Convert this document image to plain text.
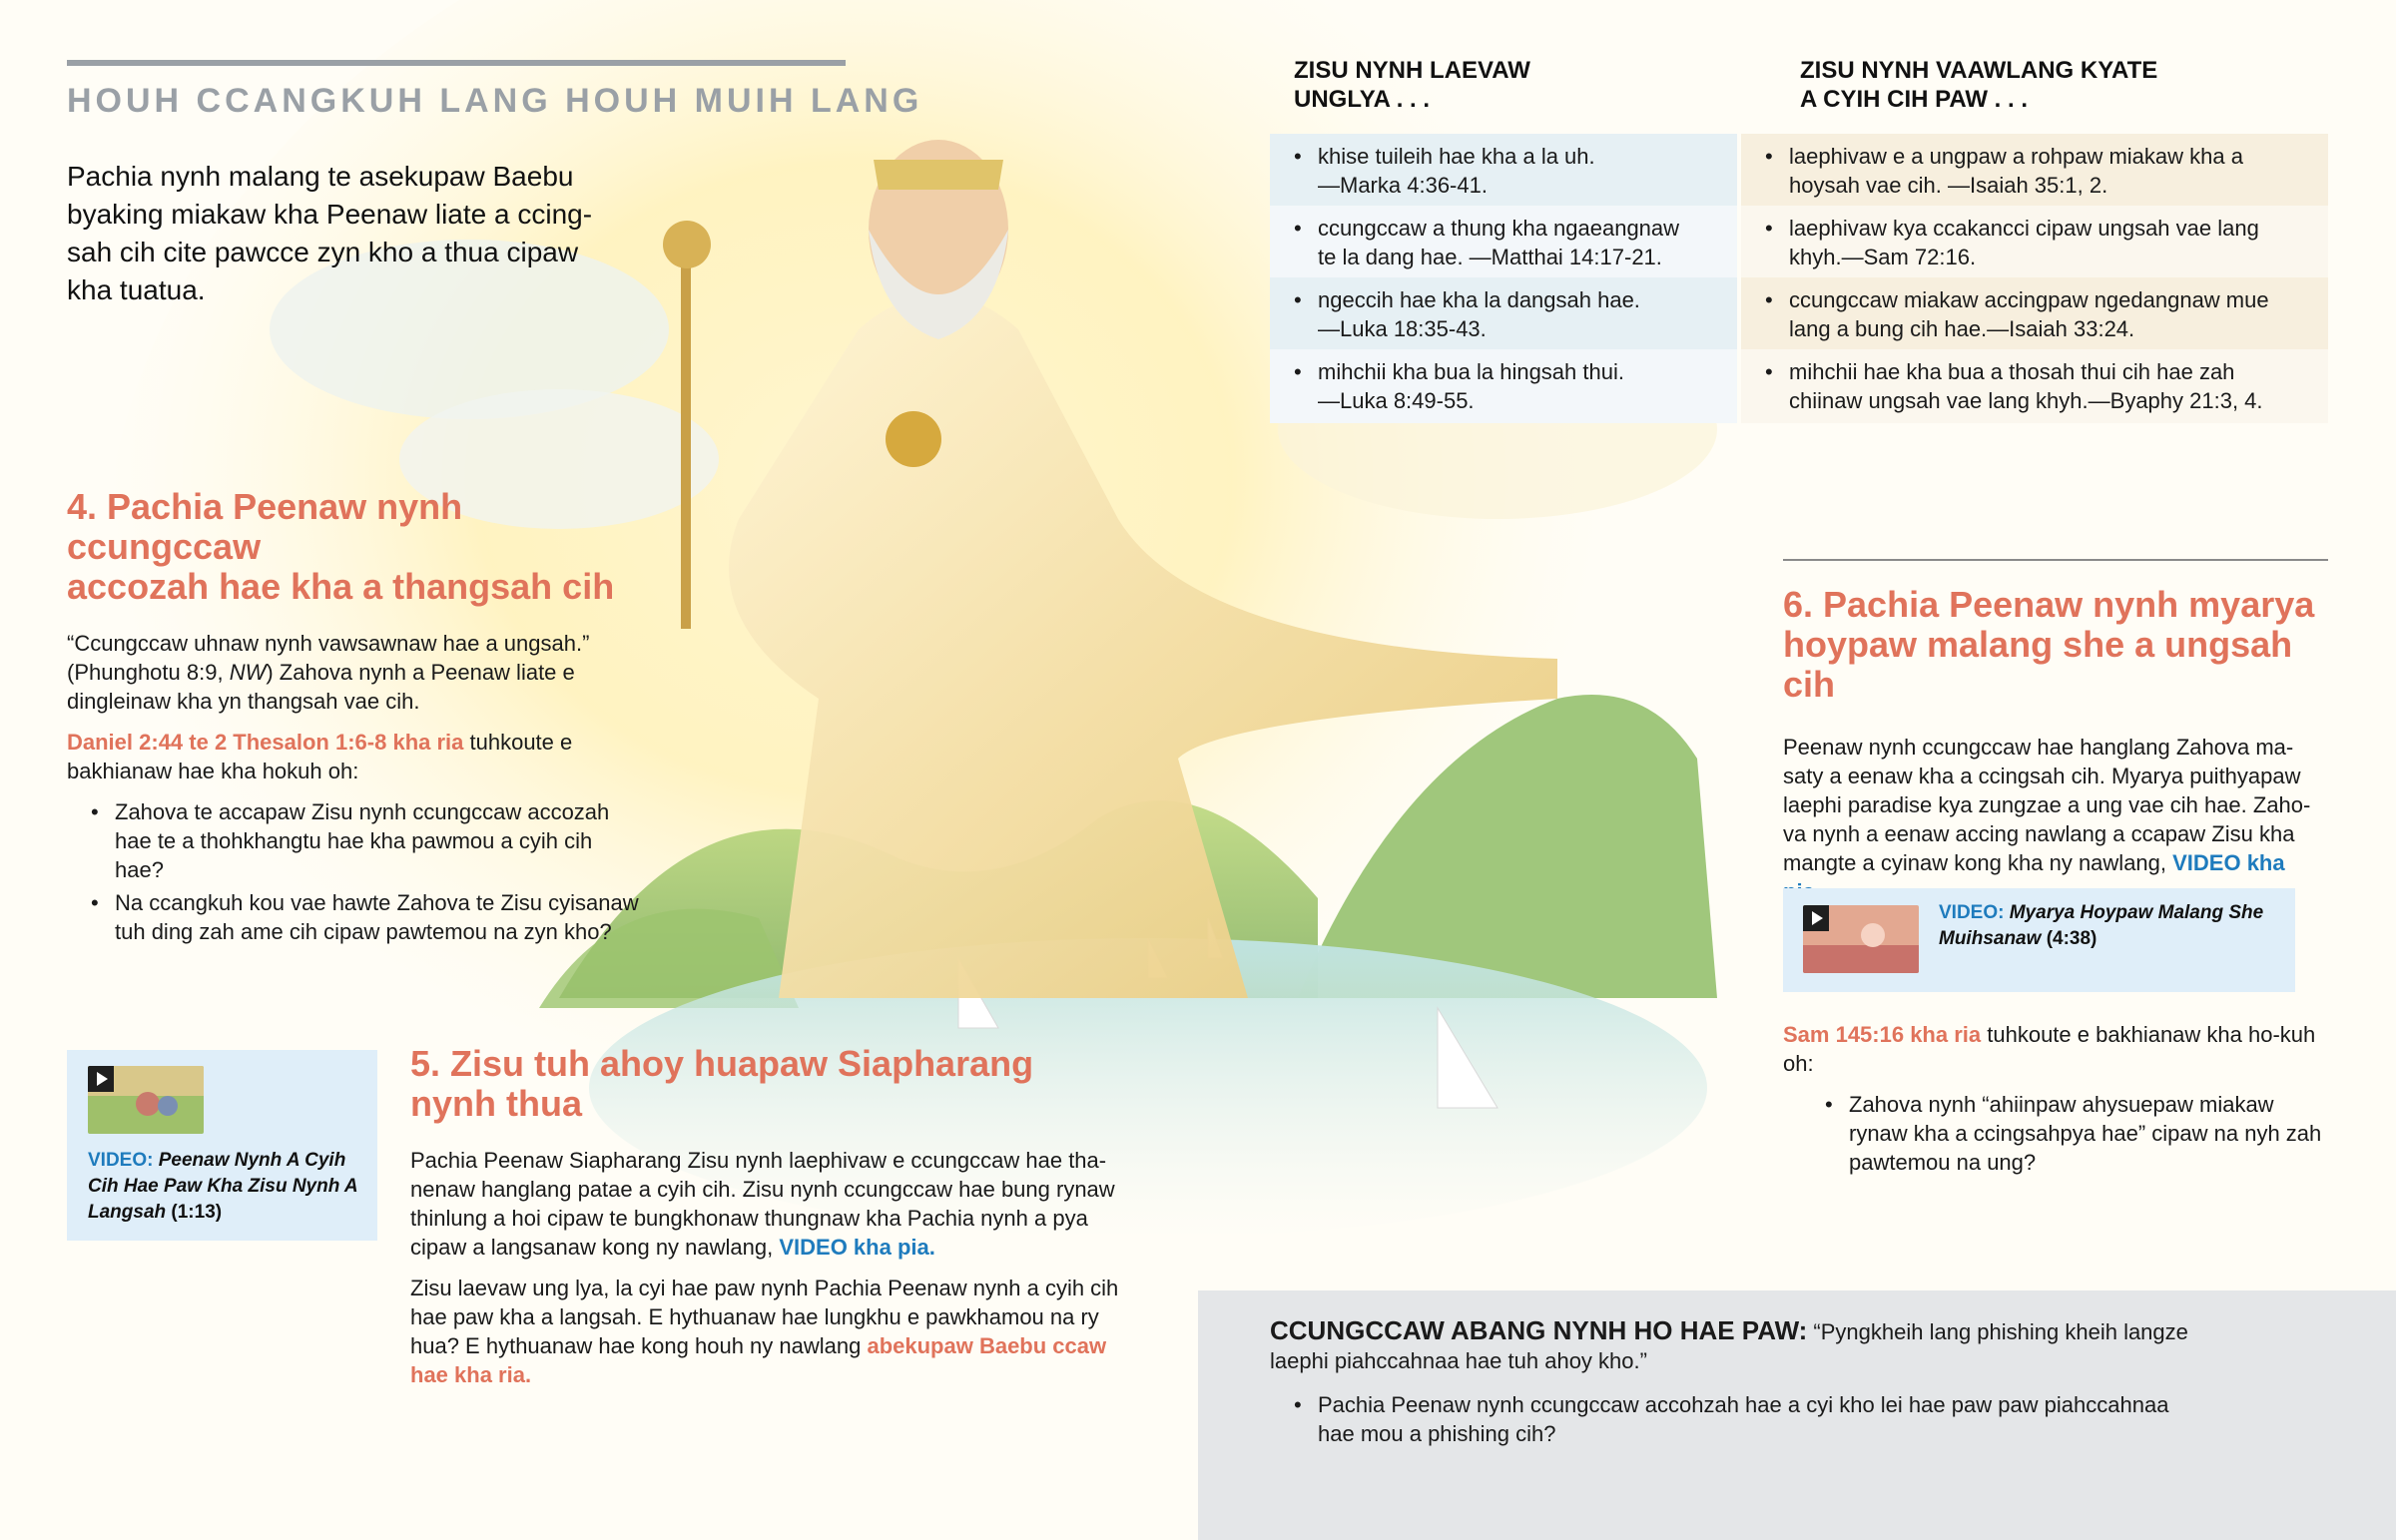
HOUH CCANGKUH LANG HOUH MUIH LANG
Pachia nynh malang te asekupaw Baebu byaking miakaw kha Peenaw liate a ccing-sah cih cite pawcce zyn kho a thua cipaw kha tuatua.
ZISU NYNH LAEVAW
UNGLYA . . .
ZISU NYNH VAAWLANG KYATE
A CYIH CIH PAW . . .
• khise tuileih hae kha a la uh.
—Marka 4:36-41.
• laephivaw e a ungpaw a rohpaw miakaw kha a
hoysah vae cih. —Isaiah 35:1, 2.
• ccungccaw a thung kha ngaeangnaw
te la dang hae. —Matthai 14:17-21.
• laephivaw kya ccakancci cipaw ungsah vae lang
khyh.—Sam 72:16.
• ngeccih hae kha la dangsah hae.
—Luka 18:35-43.
• ccungccaw miakaw accingpaw ngedangnaw mue
lang a bung cih hae.—Isaiah 33:24.
• mihchii kha bua la hingsah thui.
—Luka 8:49-55.
• mihchii hae kha bua a thosah thui cih hae zah
chiinaw ungsah vae lang khyh.—Byaphy 21:3, 4.
4. Pachia Peenaw nynh ccungccaw
accozah hae kha a thangsah cih

“Ccungccaw uhnaw nynh vawsawnaw hae a ungsah.” (Phunghotu 8:9, NW) Zahova nynh a Peenaw liate e dingleinaw kha yn thangsah vae cih.

Daniel 2:44 te 2 Thesalon 1:6-8 kha ria tuhkoute e bakhianaw hae kha hokuh oh:

• Zahova te accapaw Zisu nynh ccungccaw accozah hae te a thohkhangtu hae kha pawmou a cyih cih hae?
• Na ccangkuh kou vae hawte Zahova te Zisu cyisanaw tuh ding zah ame cih cipaw pawtemou na zyn kho?
VIDEO: Peenaw Nynh A Cyih Cih Hae Paw Kha Zisu Nynh A Langsah (1:13)
5. Zisu tuh ahoy huapaw Siapharang
nynh thua

Pachia Peenaw Siapharang Zisu nynh laephivaw e ccungccaw hae tha-nenaw hanglang patae a cyih cih. Zisu nynh ccungccaw hae bung rynaw thinlung a hoi cipaw te bungkhonaw thungnaw kha Pachia nynh a pya cipaw a langsanaw kong ny nawlang, VIDEO kha pia.

Zisu laevaw ung lya, la cyi hae paw nynh Pachia Peenaw nynh a cyih cih hae paw kha a langsah. E hythuanaw hae lungkhu e pawkhamou na ry hua? E hythuanaw hae kong houh ny nawlang abekupaw Baebu ccaw hae kha ria.

6. Pachia Peenaw nynh myarya
hoypaw malang she a ungsah cih

Peenaw nynh ccungccaw hae hanglang Zahova ma-saty a eenaw kha a ccingsah cih. Myarya puithyapaw laephi paradise kya zungzae a ung vae cih hae. Zaho-va nynh a eenaw accing nawlang a ccapaw Zisu kha mangte a cyinaw kong kha ny nawlang, VIDEO kha

VIDEO: Myarya Hoypaw Malang She Muihsanaw (4:38)

Sam 145:16 kha ria tuhkoute e bakhianaw kha ho-kuh oh:

• Zahova nynh “ahiinpaw ahysuepaw miakaw rynaw kha a ccingsahpya hae” cipaw na nyh zah pawtemou na ung?
CCUNGCCAW ABANG NYNH HO HAE PAW: “Pyngkheih lang phishing kheih langze
laephi piahccahnaa hae tuh ahoy kho.”
• Pachia Peenaw nynh ccungccaw accohzah hae a cyi kho lei hae paw paw piahccahnaa
hae mou a phishing cih?
